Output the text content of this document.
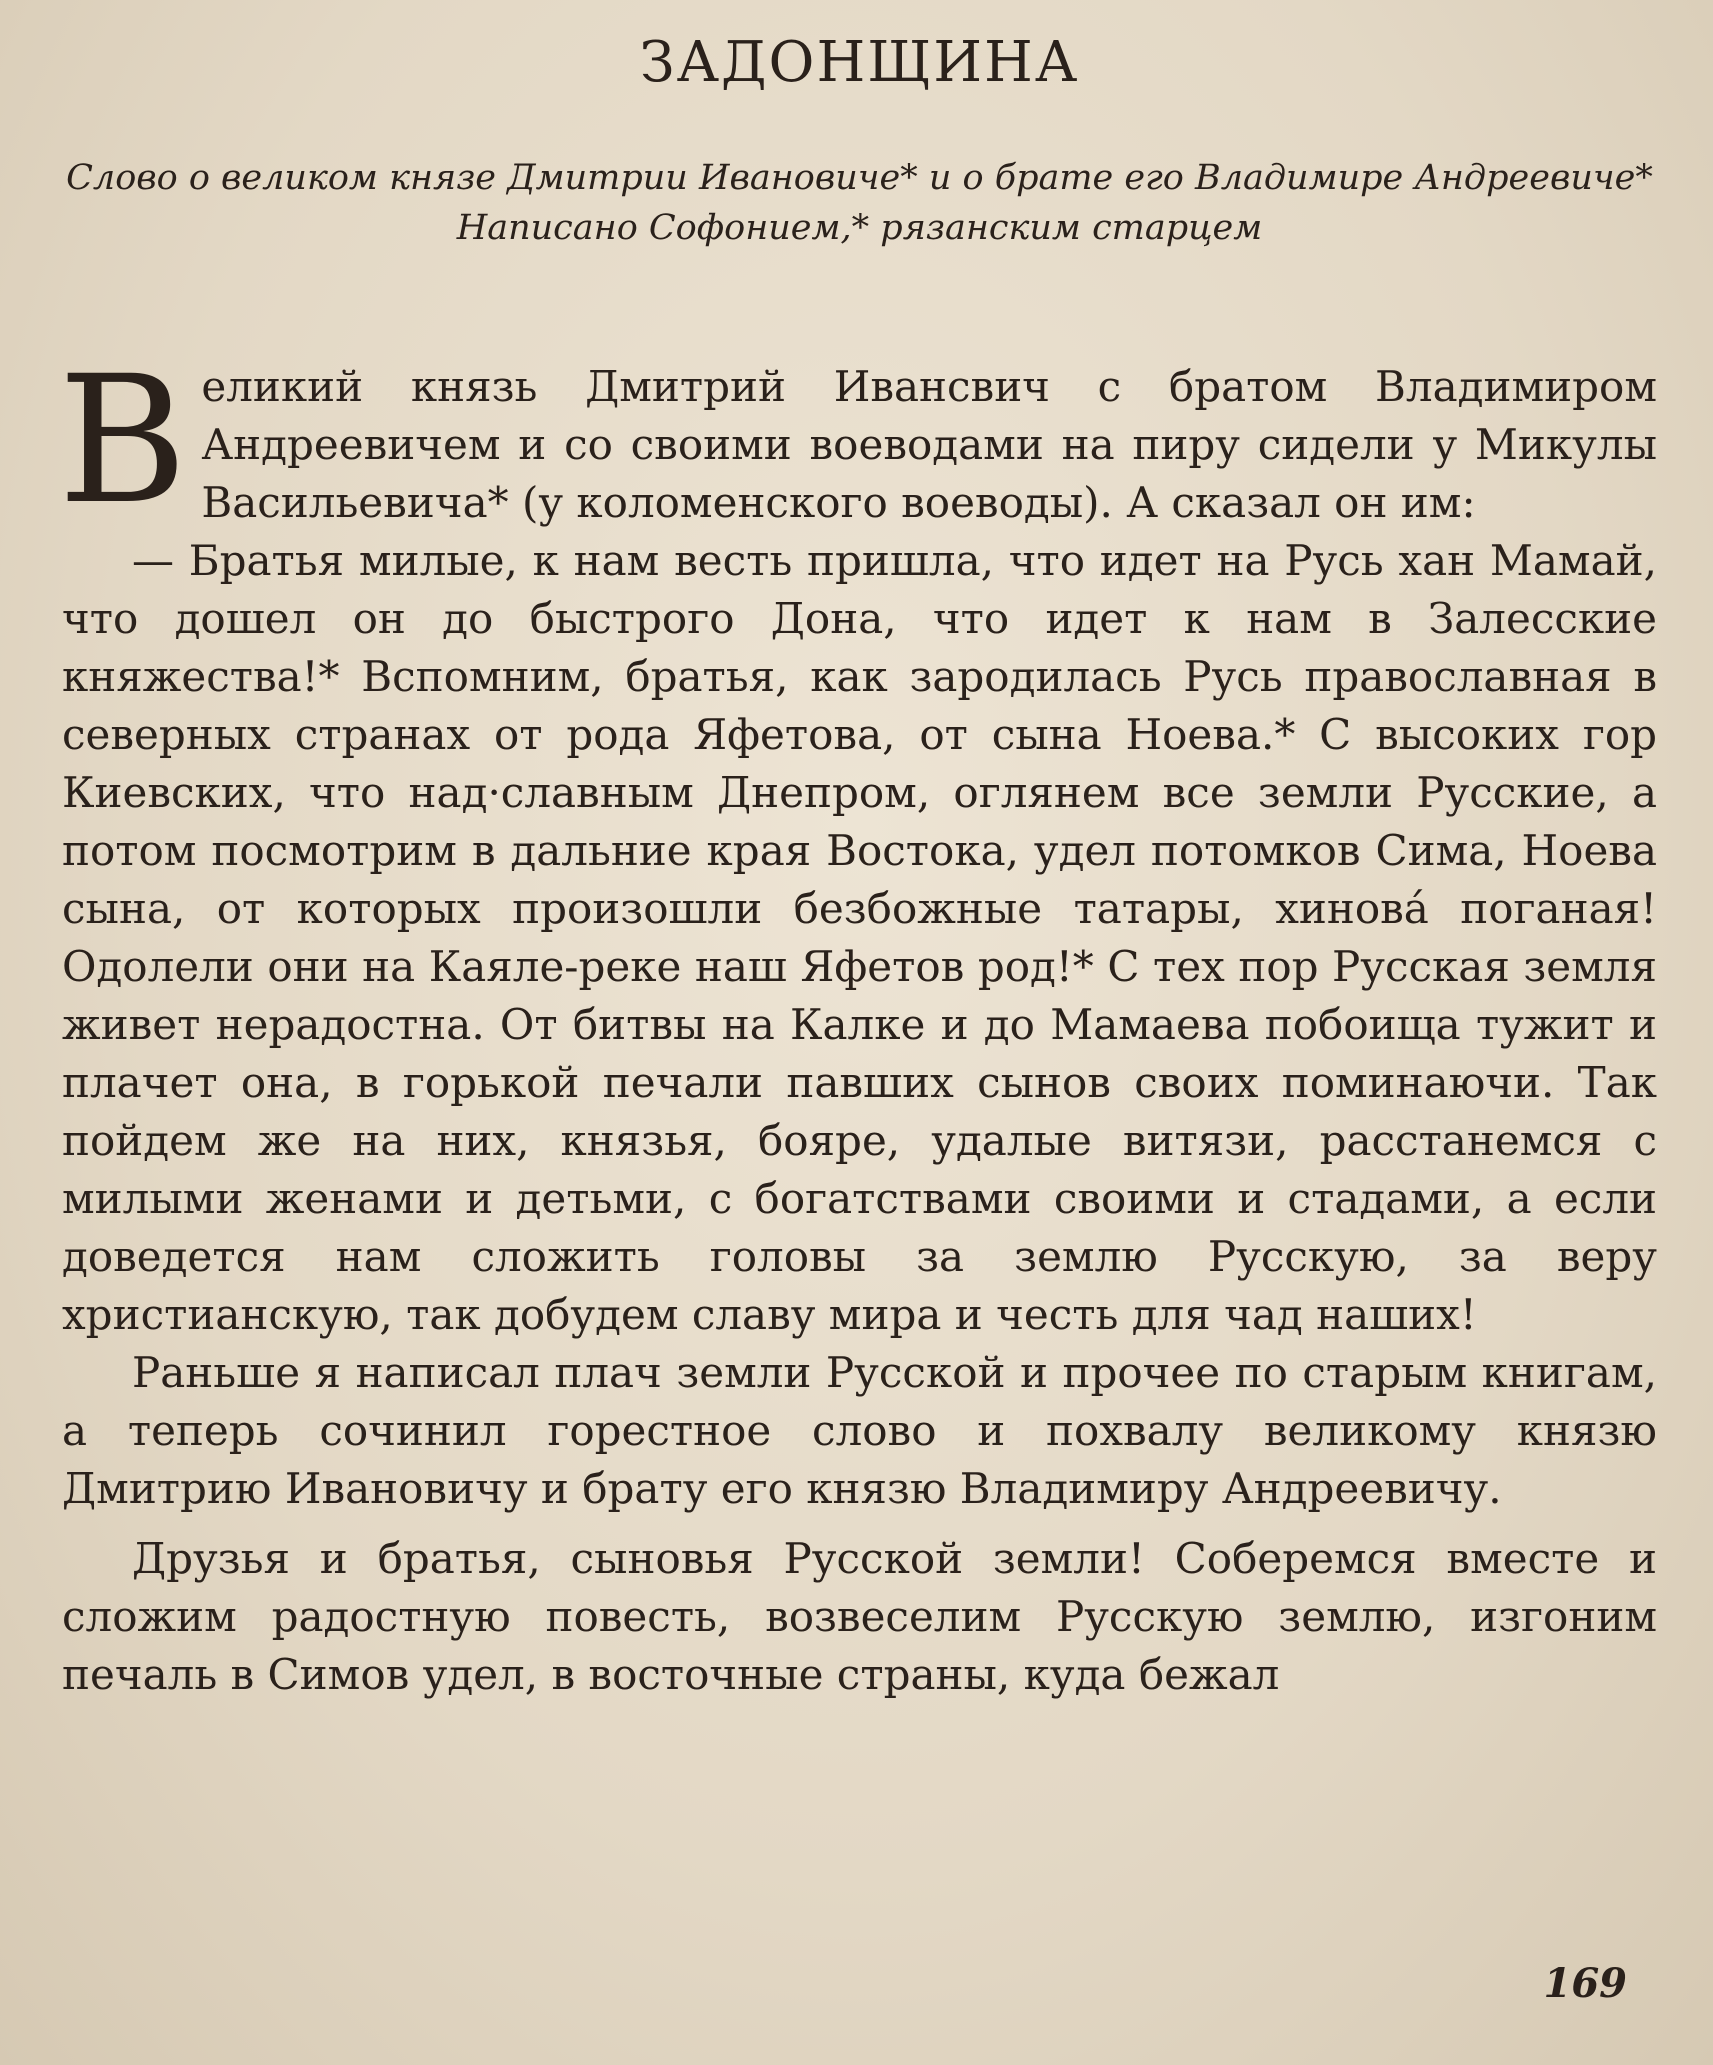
ЗАДОНЩИНА

Слово о великом князе Дмитрии Ивановиче* и о брате его Владимире Андреевиче*

Написано Софонием,* рязанским старцем

Великий князь Дмитрий Ивансвич с братом Владимиром Андреевичем и со своими воеводами на пиру сидели у Микулы Васильевича* (у коломенского воеводы). А сказал он им:

— Братья милые, к нам весть пришла, что идет на Русь хан Мамай, что дошел он до быстрого Дона, что идет к нам в Залесские княжества!* Вспомним, братья, как зародилась Русь православная в северных странах от рода Яфетова, от сына Ноева.* С высоких гор Киевских, что над·славным Днепром, оглянем все земли Русские, а потом посмотрим в дальние края Востока, удел потомков Сима, Ноева сына, от которых произошли безбожные татары, хинова́ поганая! Одолели они на Каяле-реке наш Яфетов род!* С тех пор Русская земля живет нерадостна. От битвы на Калке и до Мамаева побоища тужит и плачет она, в горькой печали павших сынов своих поминаючи. Так пойдем же на них, князья, бояре, удалые витязи, расстанемся с милыми женами и детьми, с богатствами своими и стадами, а если доведется нам сложить головы за землю Русскую, за веру христианскую, так добудем славу мира и честь для чад наших!

Раньше я написал плач земли Русской и прочее по старым книгам, а теперь сочинил горестное слово и похвалу великому князю Дмитрию Ивановичу и брату его князю Владимиру Андреевичу.

Друзья и братья, сыновья Русской земли! Соберемся вместе и сложим радостную повесть, возвеселим Русскую землю, изгоним печаль в Симов удел, в восточные страны, куда бежал

169
